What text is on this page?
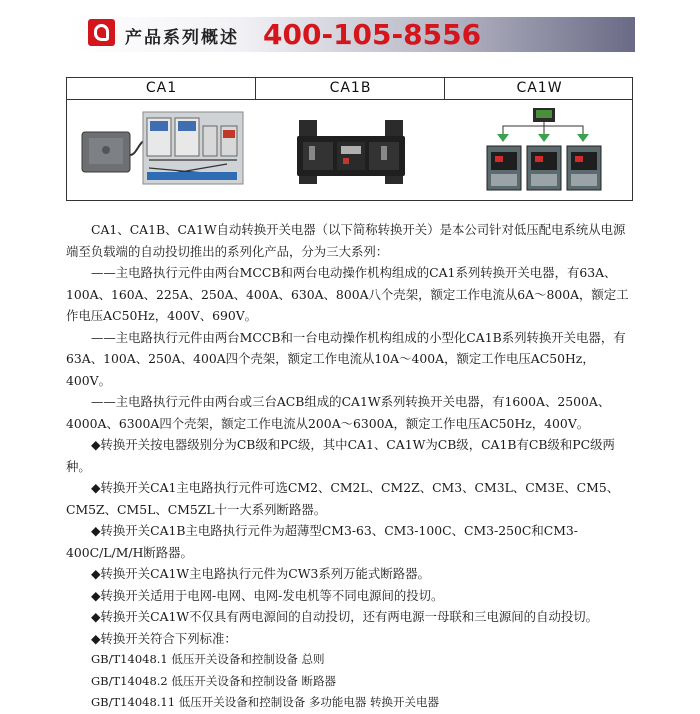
产品系列概述 400-105-8556
CA1	CA1B	CA1W

CA1、CA1B、CA1W自动转换开关电器（以下简称转换开关）是本公司针对低压配电系统从电源端至负载端的自动投切推出的系列化产品，分为三大系列：

——主电路执行元件由两台MCCB和两台电动操作机构组成的CA1系列转换开关电器，有63A、100A、160A、225A、250A、400A、630A、800A八个壳架，额定工作电流从6A～800A，额定工作电压AC50Hz，400V、690V。

——主电路执行元件由两台MCCB和一台电动操作机构组成的小型化CA1B系列转换开关电器，有63A、100A、250A、400A四个壳架，额定工作电流从10A～400A，额定工作电压AC50Hz，400V。

——主电路执行元件由两台或三台ACB组成的CA1W系列转换开关电器，有1600A、2500A、4000A、6300A四个壳架，额定工作电流从200A～6300A，额定工作电压AC50Hz，400V。

◆转换开关按电器级别分为CB级和PC级，其中CA1、CA1W为CB级，CA1B有CB级和PC级两种。

◆转换开关CA1主电路执行元件可选CM2、CM2L、CM2Z、CM3、CM3L、CM3E、CM5、CM5Z、CM5L、CM5ZL十一大系列断路器。

◆转换开关CA1B主电路执行元件为超薄型CM3-63、CM3-100C、CM3-250C和CM3-400C/L/M/H断路器。

◆转换开关CA1W主电路执行元件为CW3系列万能式断路器。

◆转换开关适用于电网-电网、电网-发电机等不同电源间的投切。

◆转换开关CA1W不仅具有两电源间的自动投切，还有两电源一母联和三电源间的自动投切。

◆转换开关符合下列标准：

GB/T14048.1 低压开关设备和控制设备 总则

GB/T14048.2 低压开关设备和控制设备 断路器

GB/T14048.11 低压开关设备和控制设备 多功能电器 转换开关电器
